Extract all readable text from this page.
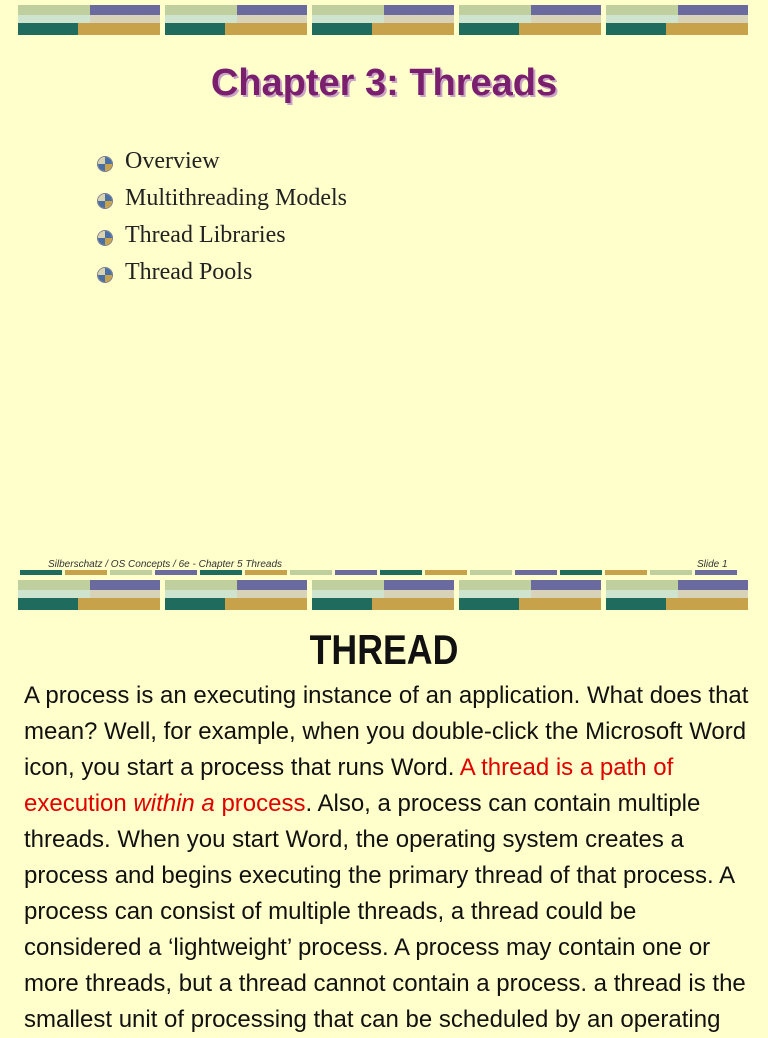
Chapter 3: Threads
Overview
Multithreading Models
Thread Libraries
Thread Pools
Silberschatz / OS Concepts / 6e - Chapter 5 Threads	Slide 1
THREAD
A process is an executing instance of an application. What does that mean? Well, for example, when you double-click the Microsoft Word icon, you start a process that runs Word. A thread is a path of execution within a process. Also, a process can contain multiple threads. When you start Word, the operating system creates a process and begins executing the primary thread of that process. A process can consist of multiple threads, a thread could be considered a ‘lightweight’ process. A process may contain one or more threads, but a thread cannot contain a process. a thread is the smallest unit of processing that can be scheduled by an operating
